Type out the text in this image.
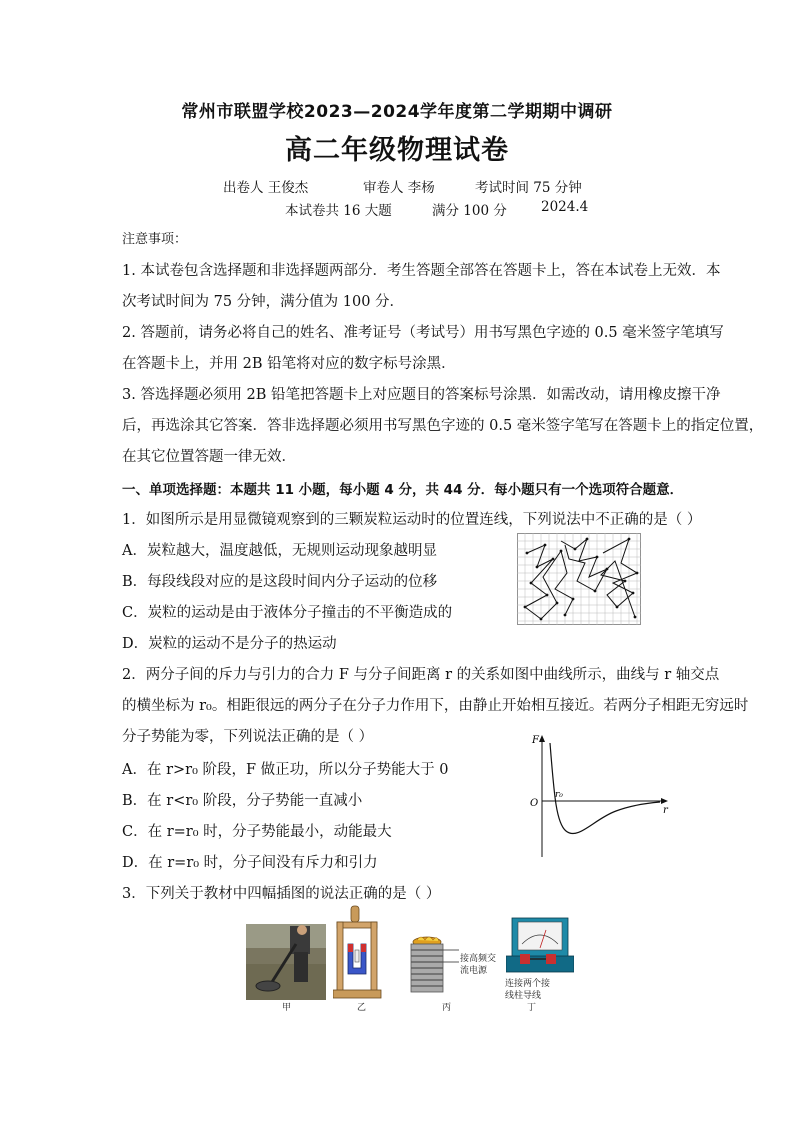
常州市联盟学校2023—2024学年度第二学期期中调研
高二年级物理试卷
出卷人 王俊杰	审卷人 李杨	考试时间 75 分钟
本试卷共 16 大题	满分 100 分	2024.4
注意事项：
1. 本试卷包含选择题和非选择题两部分．考生答题全部答在答题卡上，答在本试卷上无效．本
次考试时间为 75 分钟，满分值为 100 分．
2. 答题前，请务必将自己的姓名、准考证号（考试号）用书写黑色字迹的 0.5 毫米签字笔填写
在答题卡上，并用 2B 铅笔将对应的数字标号涂黑．
3. 答选择题必须用 2B 铅笔把答题卡上对应题目的答案标号涂黑．如需改动，请用橡皮擦干净
后，再选涂其它答案．答非选择题必须用书写黑色字迹的 0.5 毫米签字笔写在答题卡上的指定位置，
在其它位置答题一律无效．
一、单项选择题：本题共 11 小题，每小题 4 分，共 44 分．每小题只有一个选项符合题意．
1．如图所示是用显微镜观察到的三颗炭粒运动时的位置连线，下列说法中不正确的是（ ）
A．炭粒越大，温度越低，无规则运动现象越明显
B．每段线段对应的是这段时间内分子运动的位移
C．炭粒的运动是由于液体分子撞击的不平衡造成的
D．炭粒的运动不是分子的热运动
2．两分子间的斥力与引力的合力 F 与分子间距离 r 的关系如图中曲线所示，曲线与 r 轴交点
的横坐标为 r₀。相距很远的两分子在分子力作用下，由静止开始相互接近。若两分子相距无穷远时
分子势能为零，下列说法正确的是（ ）
A．在 r>r₀ 阶段，F 做正功，所以分子势能大于 0
B．在 r<r₀ 阶段，分子势能一直减小
C．在 r=r₀ 时，分子势能最小，动能最大
D．在 r=r₀ 时，分子间没有斥力和引力
F
r
O
r₀
3．下列关于教材中四幅插图的说法正确的是（ ）
甲	乙
接高频交
流电源
丙
连接两个接
线柱导线
丁
